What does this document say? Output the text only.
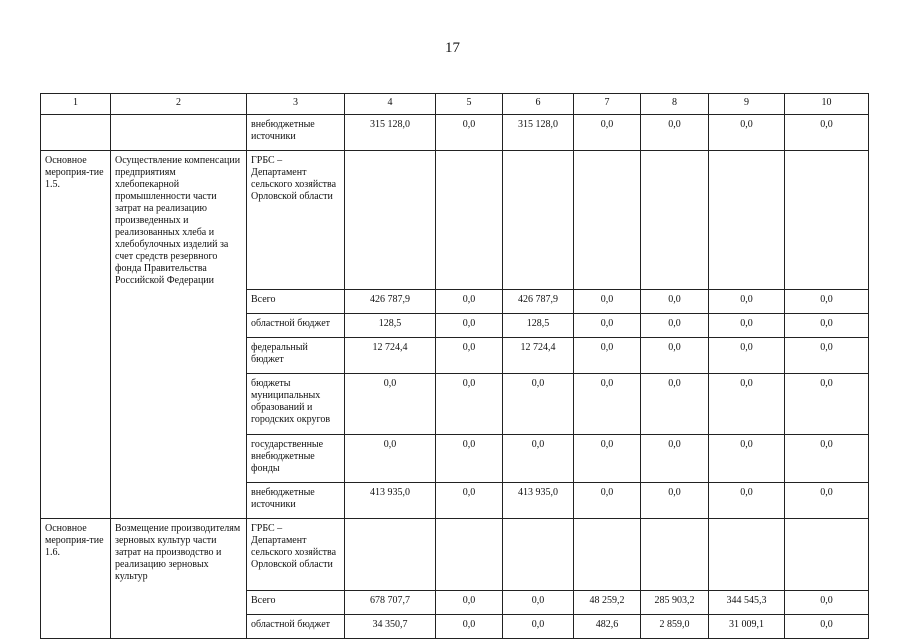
17
1	2	3	4	5	6	7	8	9	10
		внебюджетные источники	315 128,0	0,0	315 128,0	0,0	0,0	0,0	0,0
Основное мероприя-тие 1.5.	Осуществление компенсации предприятиям хлебопекарной промышленности части затрат на реализацию произведенных и реализованных хлеба и хлебобулочных изделий за счет средств резервного фонда Правительства Российской Федерации	ГРБС – Департамент сельского хозяйства Орловской области							
		Всего	426 787,9	0,0	426 787,9	0,0	0,0	0,0	0,0
		областной бюджет	128,5	0,0	128,5	0,0	0,0	0,0	0,0
		федеральный бюджет	12 724,4	0,0	12 724,4	0,0	0,0	0,0	0,0
		бюджеты муниципальных образований и городских округов	0,0	0,0	0,0	0,0	0,0	0,0	0,0
		государственные внебюджетные фонды	0,0	0,0	0,0	0,0	0,0	0,0	0,0
		внебюджетные источники	413 935,0	0,0	413 935,0	0,0	0,0	0,0	0,0
Основное мероприя-тие 1.6.	Возмещение производителям зерновых культур части затрат на производство и реализацию зерновых культур	ГРБС – Департамент сельского хозяйства Орловской области							
		Всего	678 707,7	0,0	0,0	48 259,2	285 903,2	344 545,3	0,0
		областной бюджет	34 350,7	0,0	0,0	482,6	2 859,0	31 009,1	0,0
